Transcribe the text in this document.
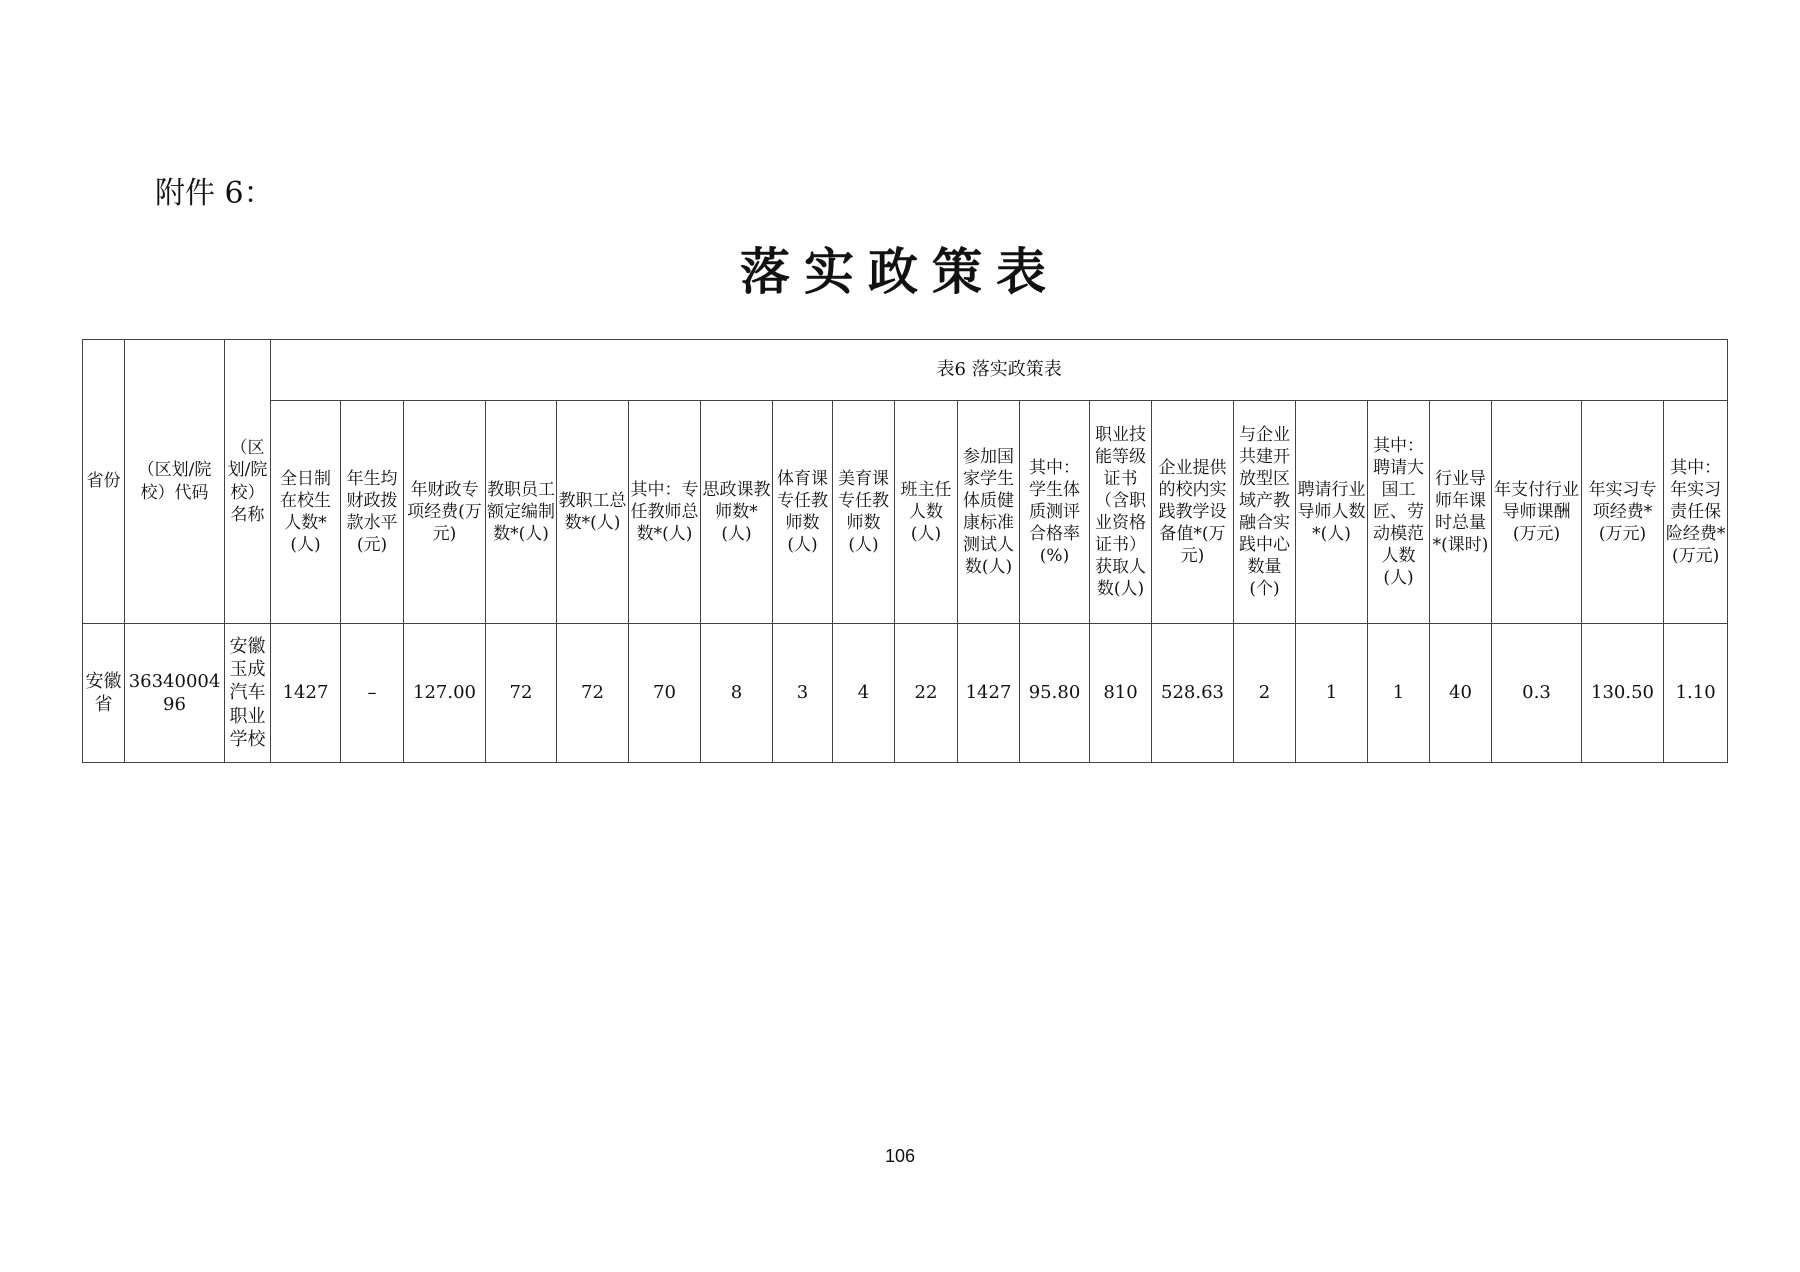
附件 6：
落实政策表
省份	（区划/院校）代码	（区划/院校）名称	表6 落实政策表																				
			全日制在校生人数*(人)	年生均财政拨款水平(元)	年财政专项经费(万元)	教职员工额定编制数*(人)	教职工总数*(人)	其中：专任教师总数*(人)	思政课教师数*(人)	体育课专任教师数(人)	美育课专任教师数(人)	班主任人数(人)	参加国家学生体质健康标准测试人数(人)	其中：学生体质测评合格率(%)	职业技能等级证书（含职业资格证书）获取人数(人)	企业提供的校内实践教学设备值*(万元)	与企业共建开放型区域产教融合实践中心数量(个)	聘请行业导师人数*(人)	其中：聘请大国工匠、劳动模范人数(人)	行业导师年课时总量*(课时)	年支付行业导师课酬(万元)	年实习专项经费*(万元)	其中：年实习责任保险经费*(万元)
安徽省	3634000496	安徽玉成汽车职业学校	1427	–	127.00	72	72	70	8	3	4	22	1427	95.80	810	528.63	2	1	1	40	0.3	130.50	1.10
106
